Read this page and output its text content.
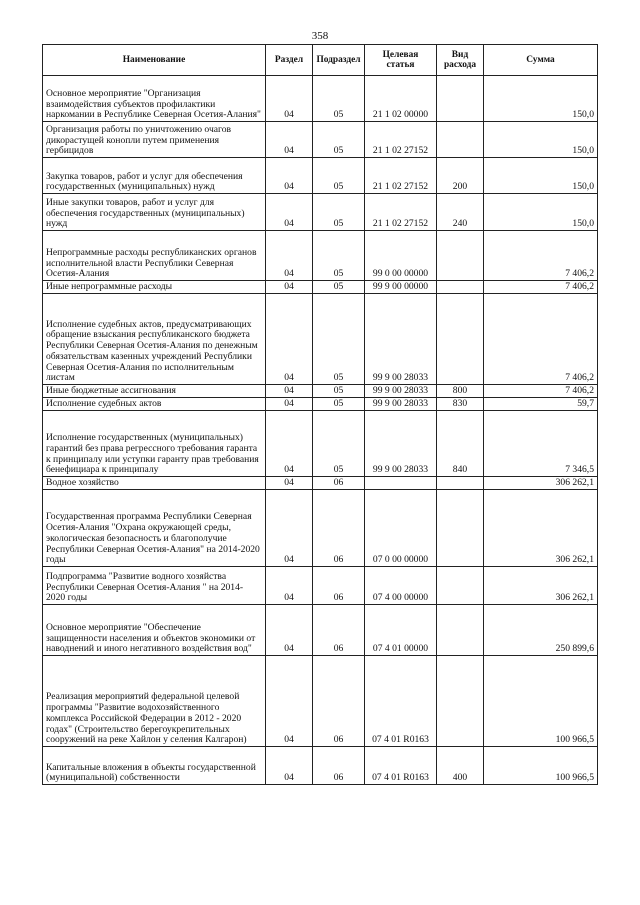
358
Наименование	Раздел	Подраздел	Целевая статья	Вид расхода	Сумма
Основное мероприятие "Организация взаимодействия субъектов профилактики наркомании в Республике Северная Осетия-Алания"	04	05	21 1 02 00000		150,0
Организация работы по уничтожению очагов дикорастущей конопли путем применения гербицидов	04	05	21 1 02 27152		150,0
Закупка товаров, работ и услуг для обеспечения государственных (муниципальных) нужд	04	05	21 1 02 27152	200	150,0
Иные закупки товаров, работ и услуг для обеспечения государственных (муниципальных) нужд	04	05	21 1 02 27152	240	150,0
Непрограммные расходы республиканских органов исполнительной власти Республики Северная Осетия-Алания	04	05	99 0 00 00000		7 406,2
Иные непрограммные расходы	04	05	99 9 00 00000		7 406,2
Исполнение судебных актов, предусматривающих обращение взыскания республиканского бюджета Республики Северная Осетия-Алания по денежным обязательствам казенных учреждений Республики Северная Осетия-Алания по исполнительным листам	04	05	99 9 00 28033		7 406,2
Иные бюджетные ассигнования	04	05	99 9 00 28033	800	7 406,2
Исполнение судебных актов	04	05	99 9 00 28033	830	59,7
Исполнение государственных (муниципальных) гарантий без права регрессного требования гаранта к принципалу или уступки гаранту прав требования бенефициара к принципалу	04	05	99 9 00 28033	840	7 346,5
Водное хозяйство	04	06			306 262,1
Государственная программа Республики Северная Осетия-Алания "Охрана окружающей среды, экологическая безопасность и благополучие Республики Северная Осетия-Алания" на 2014-2020 годы	04	06	07 0 00 00000		306 262,1
Подпрограмма "Развитие водного хозяйства Республики Северная Осетия-Алания " на 2014-2020 годы	04	06	07 4 00 00000		306 262,1
Основное мероприятие "Обеспечение защищенности населения и объектов экономики от наводнений и иного негативного воздействия вод"	04	06	07 4 01 00000		250 899,6
Реализация мероприятий федеральной целевой программы "Развитие водохозяйственного комплекса Российской Федерации в 2012 - 2020 годах" (Строительство берегоукрепительных сооружений на реке Хайлон у селения Калгарон)	04	06	07 4 01 R0163		100 966,5
Капитальные вложения в объекты государственной (муниципальной) собственности	04	06	07 4 01 R0163	400	100 966,5
